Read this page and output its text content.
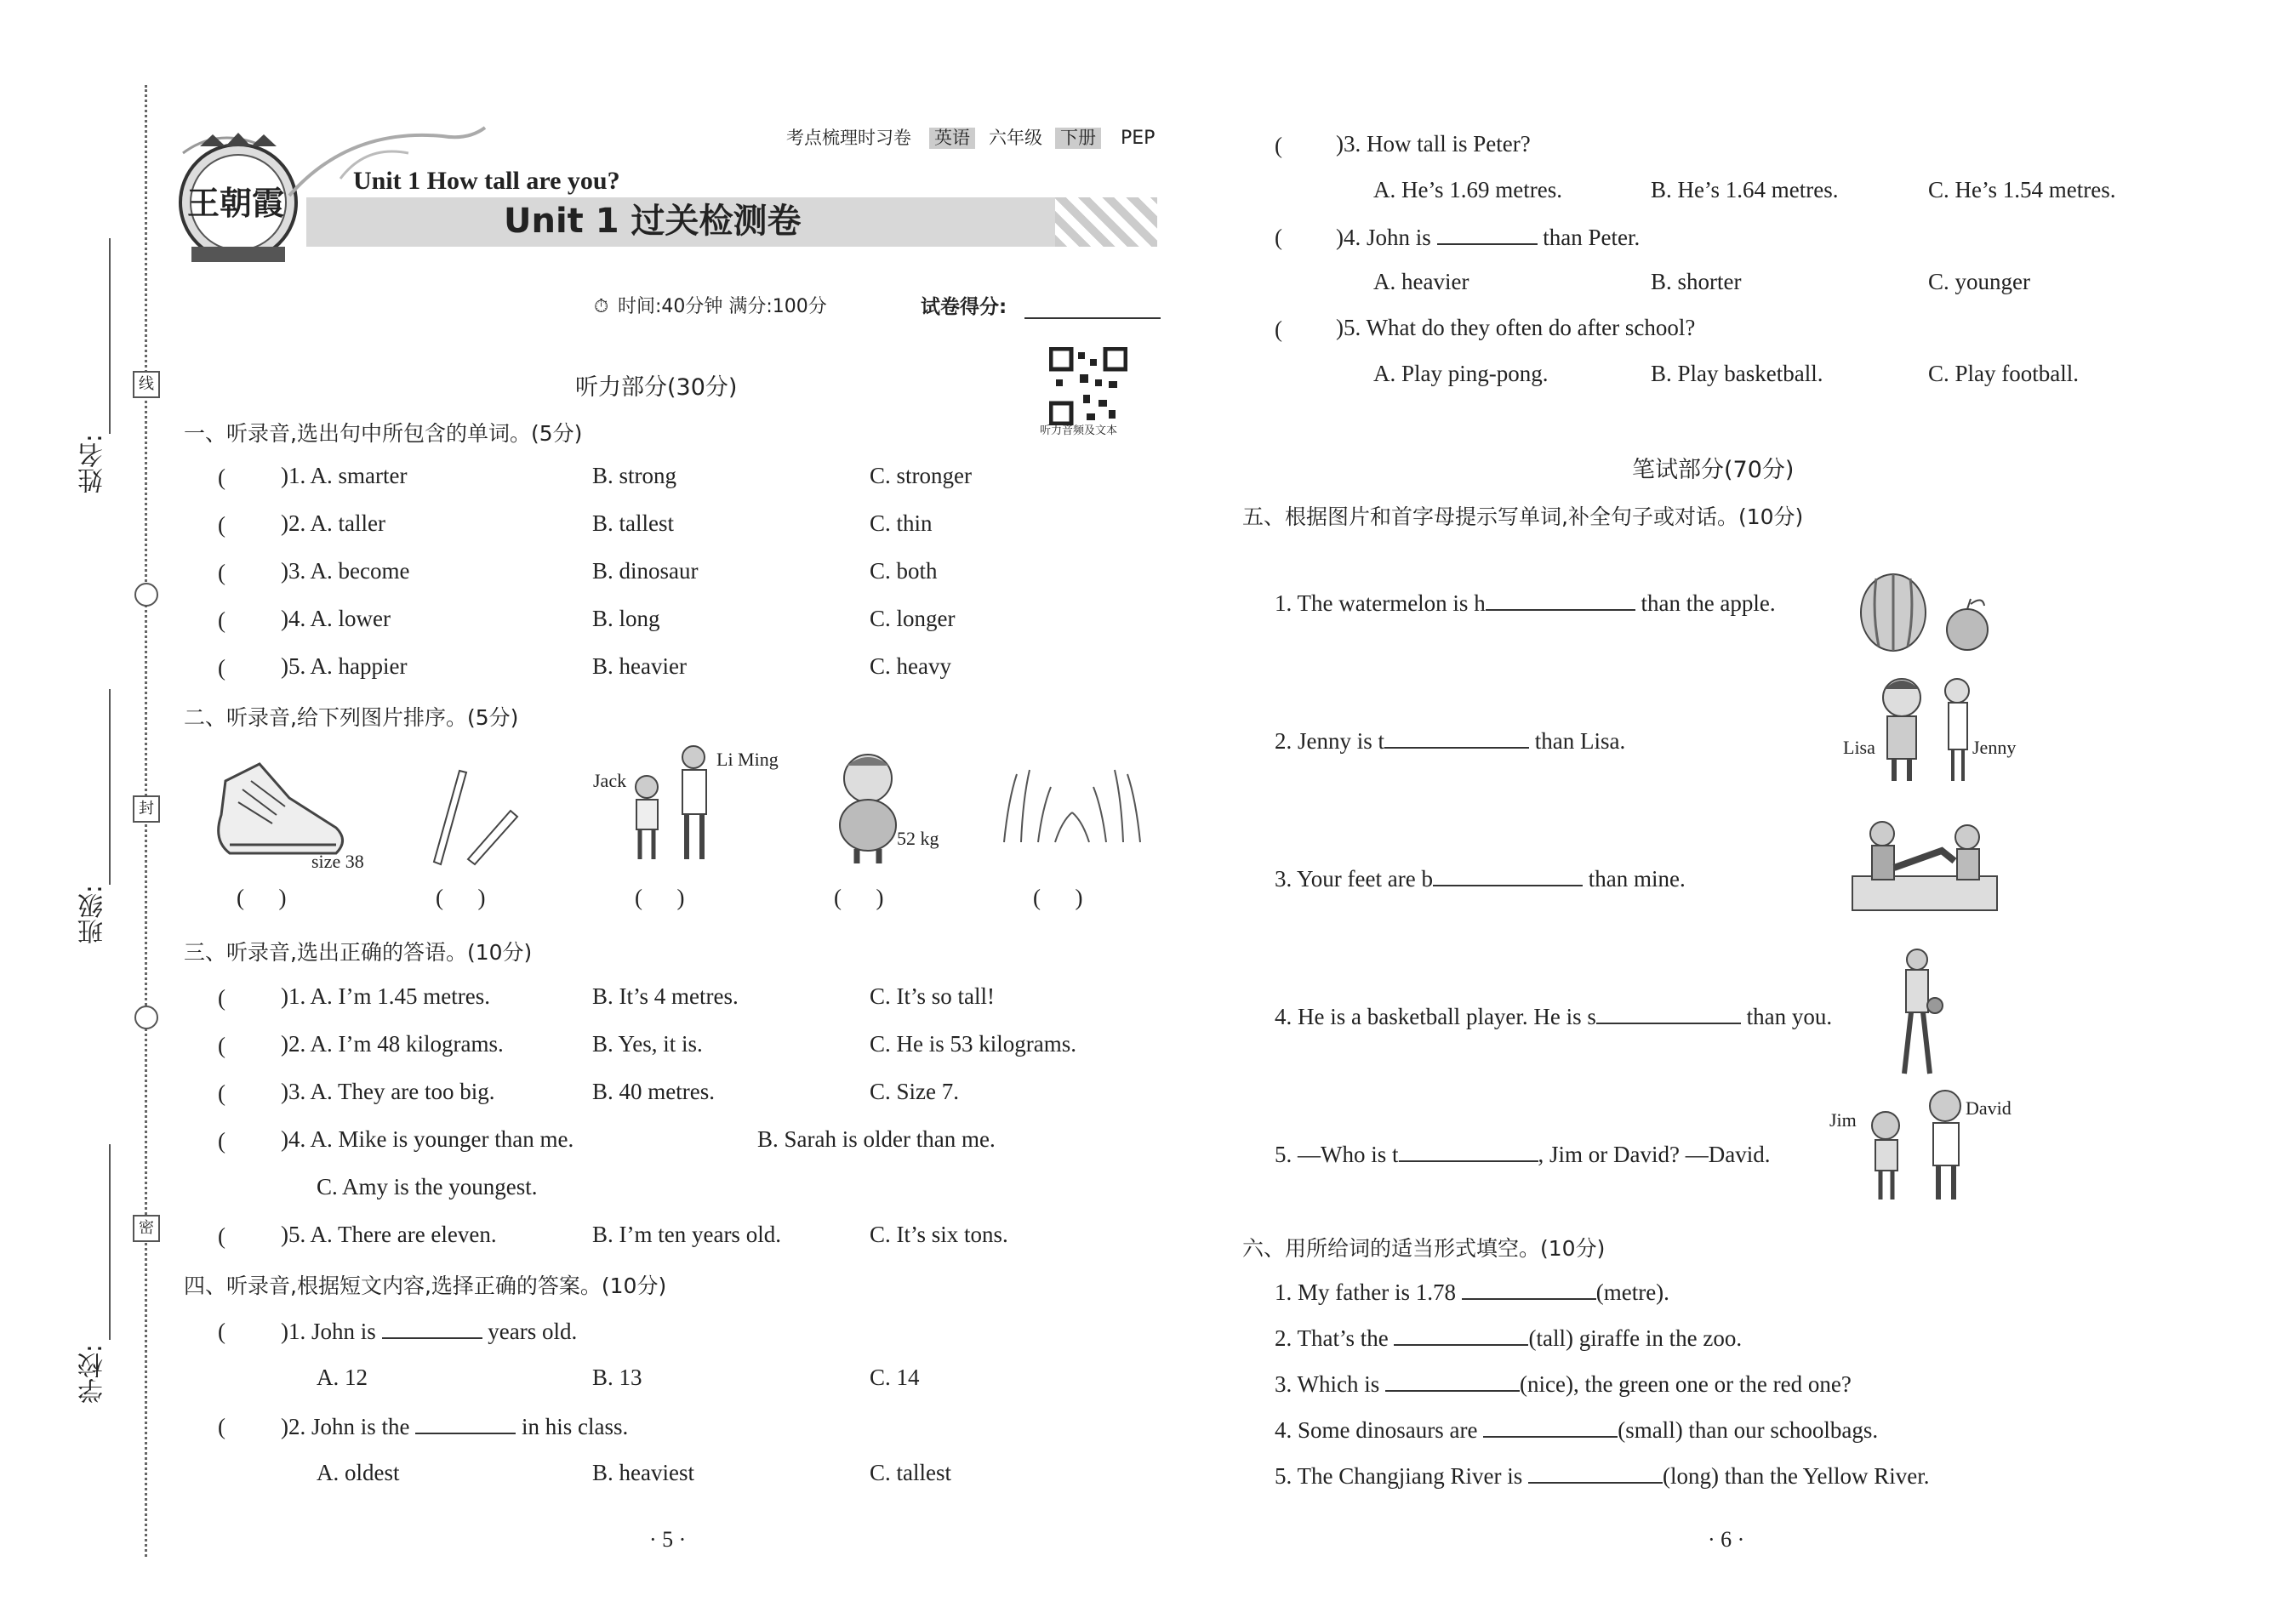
姓名:
班级:
学校:
线
封
密
王朝霞
考点梳理时习卷 英语 六年级 下册 PEP
Unit 1 How tall are you?
Unit 1 过关检测卷
⏱ 时间:40分钟 满分:100分	试卷得分:
听力音频及文本
听力部分(30分)
一、听录音,选出句中所包含的单词。(5分)
( )1. A. smarter	B. strong	C. stronger
( )2. A. taller	B. tallest	C. thin
( )3. A. become	B. dinosaur	C. both
( )4. A. lower	B. long	C. longer
( )5. A. happier	B. heavier	C. heavy
二、听录音,给下列图片排序。(5分)
size 38
Jack
Li Ming
52 kg
(      )	(      )	(      )	(      )	(      )
三、听录音,选出正确的答语。(10分)
( )1. A. I’m 1.45 metres.	B. It’s 4 metres.	C. It’s so tall!
( )2. A. I’m 48 kilograms.	B. Yes, it is.	C. He is 53 kilograms.
( )3. A. They are too big.	B. 40 metres.	C. Size 7.
( )4. A. Mike is younger than me.	B. Sarah is older than me.
C. Amy is the youngest.
( )5. A. There are eleven.	B. I’m ten years old.	C. It’s six tons.
四、听录音,根据短文内容,选择正确的答案。(10分)
( )1. John is	years old.
A. 12	B. 13	C. 14
( )2. John is the	in his class.
A. oldest	B. heaviest	C. tallest
· 5 ·
( )3. How tall is Peter?
A. He’s 1.69 metres.	B. He’s 1.64 metres.	C. He’s 1.54 metres.
( )4. John is	than Peter.
A. heavier	B. shorter	C. younger
( )5. What do they often do after school?
A. Play ping-pong.	B. Play basketball.	C. Play football.
笔试部分(70分)
五、根据图片和首字母提示写单词,补全句子或对话。(10分)
1. The watermelon is h	than the apple.
2. Jenny is t	than Lisa.	Lisa	Jenny
3. Your feet are b	than mine.
4. He is a basketball player. He is s	than you.
5. —Who is t	, Jim or David? —David.
Jim
David
六、用所给词的适当形式填空。(10分)
1. My father is 1.78	(metre).
2. That’s the	(tall) giraffe in the zoo.
3. Which is	(nice), the green one or the red one?
4. Some dinosaurs are	(small) than our schoolbags.
5. The Changjiang River is	(long) than the Yellow River.
· 6 ·
